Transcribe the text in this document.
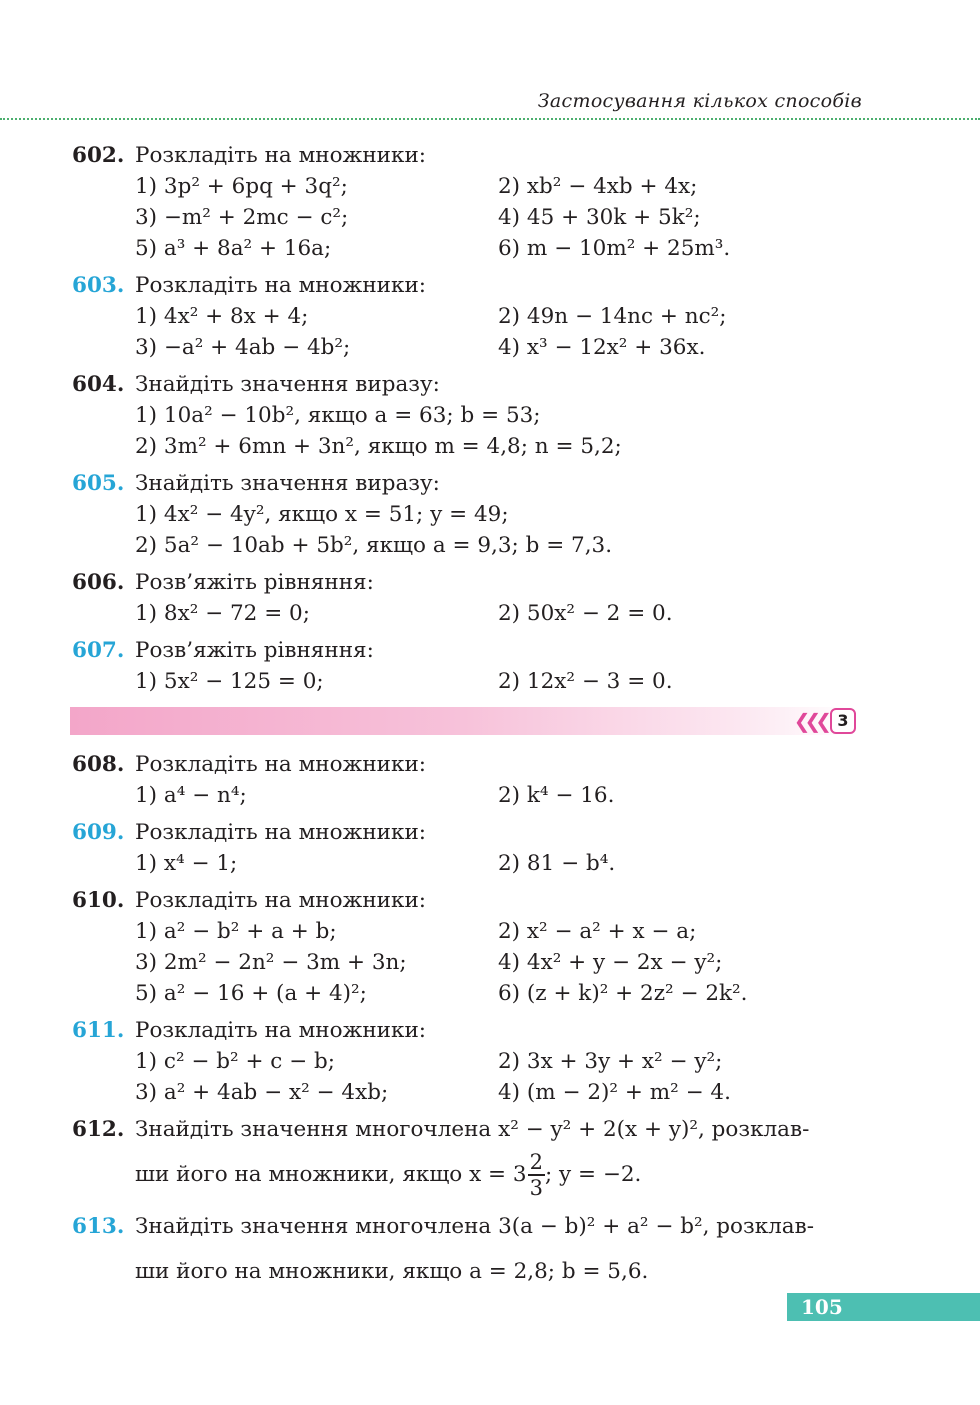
Застосування кількох способів
602. Розкладіть на множники:
1) 3p² + 6pq + 3q²;	2) xb² − 4xb + 4x;
3) −m² + 2mc − c²;	4) 45 + 30k + 5k²;
5) a³ + 8a² + 16a;	6) m − 10m² + 25m³.
603. Розкладіть на множники:
1) 4x² + 8x + 4;	2) 49n − 14nc + nc²;
3) −a² + 4ab − 4b²;	4) x³ − 12x² + 36x.
604. Знайдіть значення виразу:
1) 10a² − 10b², якщо a = 63; b = 53;
2) 3m² + 6mn + 3n², якщо m = 4,8; n = 5,2;
605. Знайдіть значення виразу:
1) 4x² − 4y², якщо x = 51; y = 49;
2) 5a² − 10ab + 5b², якщо a = 9,3; b = 7,3.
606. Розв’яжіть рівняння:
1) 8x² − 72 = 0;	2) 50x² − 2 = 0.
607. Розв’яжіть рівняння:
1) 5x² − 125 = 0;	2) 12x² − 3 = 0.
❮❮❮ 3
608. Розкладіть на множники:
1) a⁴ − n⁴;	2) k⁴ − 16.
609. Розкладіть на множники:
1) x⁴ − 1;	2) 81 − b⁴.
610. Розкладіть на множники:
1) a² − b² + a + b;	2) x² − a² + x − a;
3) 2m² − 2n² − 3m + 3n;	4) 4x² + y − 2x − y²;
5) a² − 16 + (a + 4)²;	6) (z + k)² + 2z² − 2k².
611. Розкладіть на множники:
1) c² − b² + c − b;	2) 3x + 3y + x² − y²;
3) a² + 4ab − x² − 4xb;	4) (m − 2)² + m² − 4.
612. Знайдіть значення многочлена x² − y² + 2(x + y)², розклав-
ши його на множники, якщо $x = 3 \frac{2}{3}$ ; y = −2.
613. Знайдіть значення многочлена 3(a − b)² + a² − b², розклав-
ши його на множники, якщо a = 2,8; b = 5,6.
105
